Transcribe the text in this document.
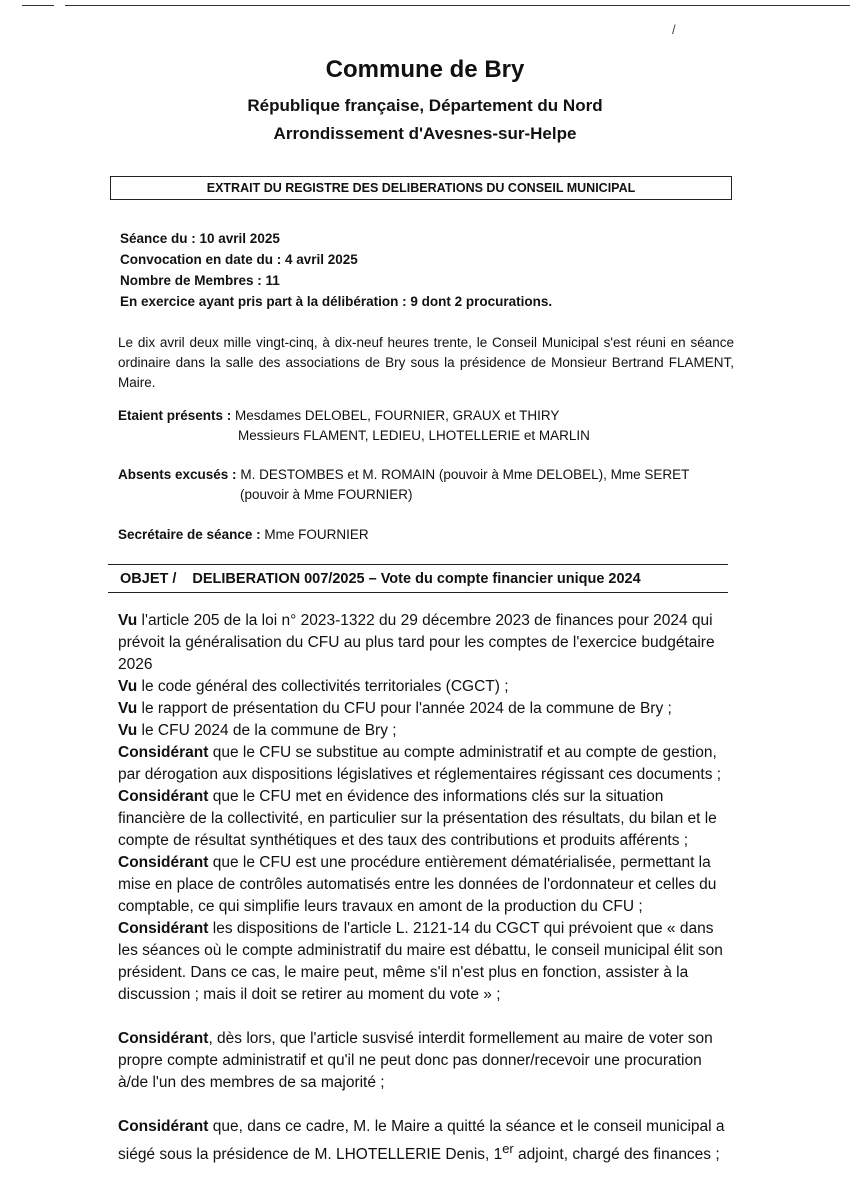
/
Commune de Bry
République française, Département du Nord
Arrondissement d'Avesnes-sur-Helpe
EXTRAIT DU REGISTRE DES DELIBERATIONS DU CONSEIL MUNICIPAL
Séance du : 10 avril 2025
Convocation en date du : 4 avril 2025
Nombre de Membres : 11
En exercice ayant pris part à la délibération : 9 dont 2 procurations.
Le dix avril deux mille vingt-cinq, à dix-neuf heures trente, le Conseil Municipal s'est réuni en séance ordinaire dans la salle des associations de Bry sous la présidence de Monsieur Bertrand FLAMENT, Maire.
Etaient présents : Mesdames DELOBEL, FOURNIER, GRAUX et THIRY
Messieurs FLAMENT, LEDIEU, LHOTELLERIE et MARLIN
Absents excusés : M. DESTOMBES et M. ROMAIN (pouvoir à Mme DELOBEL), Mme SERET
(pouvoir à Mme FOURNIER)
Secrétaire de séance : Mme FOURNIER
OBJET / DELIBERATION 007/2025 – Vote du compte financier unique 2024

Vu l'article 205 de la loi n° 2023-1322 du 29 décembre 2023 de finances pour 2024 qui prévoit la généralisation du CFU au plus tard pour les comptes de l'exercice budgétaire 2026

Vu le code général des collectivités territoriales (CGCT) ;

Vu le rapport de présentation du CFU pour l'année 2024 de la commune de Bry ;

Vu le CFU 2024 de la commune de Bry ;

Considérant que le CFU se substitue au compte administratif et au compte de gestion, par dérogation aux dispositions législatives et réglementaires régissant ces documents ;

Considérant que le CFU met en évidence des informations clés sur la situation financière de la collectivité, en particulier sur la présentation des résultats, du bilan et le compte de résultat synthétiques et des taux des contributions et produits afférents ;

Considérant que le CFU est une procédure entièrement dématérialisée, permettant la mise en place de contrôles automatisés entre les données de l'ordonnateur et celles du comptable, ce qui simplifie leurs travaux en amont de la production du CFU ;

Considérant les dispositions de l'article L. 2121-14 du CGCT qui prévoient que « dans les séances où le compte administratif du maire est débattu, le conseil municipal élit son président. Dans ce cas, le maire peut, même s'il n'est plus en fonction, assister à la discussion ; mais il doit se retirer au moment du vote » ;

Considérant, dès lors, que l'article susvisé interdit formellement au maire de voter son propre compte administratif et qu'il ne peut donc pas donner/recevoir une procuration à/de l'un des membres de sa majorité ;

Considérant que, dans ce cadre, M. le Maire a quitté la séance et le conseil municipal a siégé sous la présidence de M. LHOTELLERIE Denis, 1er adjoint, chargé des finances ;
